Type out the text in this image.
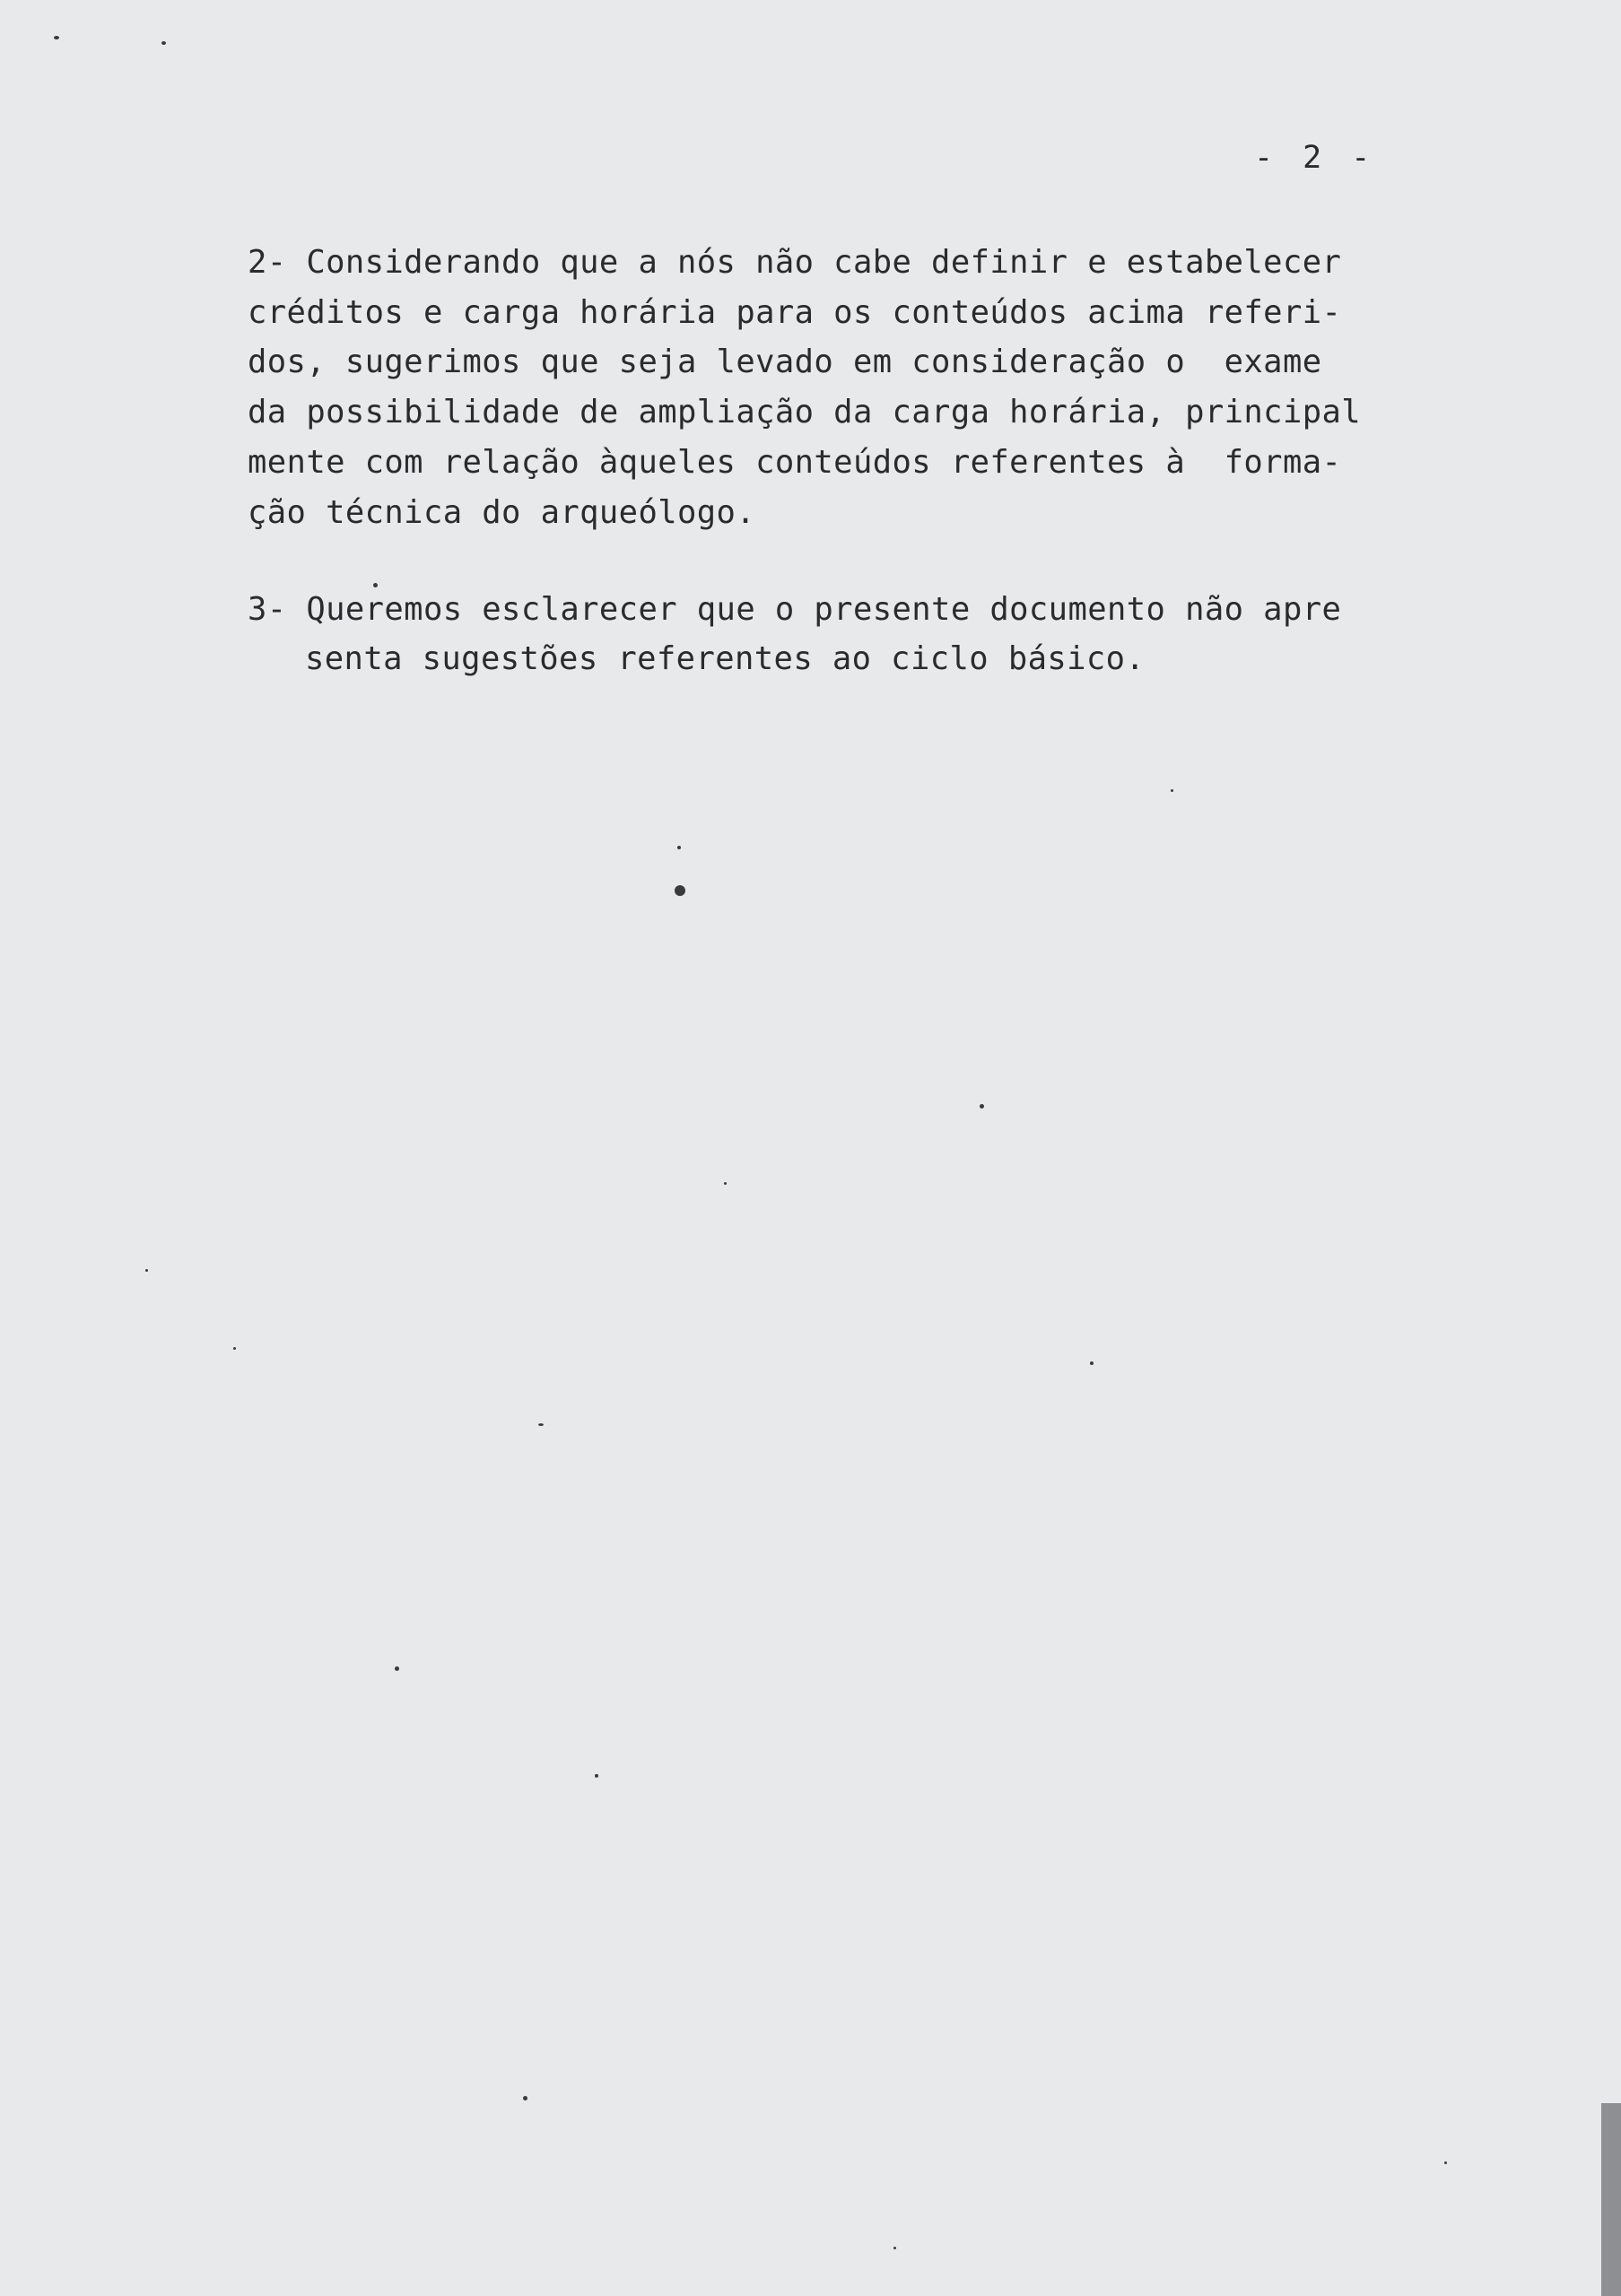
- 2 -
2- Considerando que a nós não cabe definir e estabelecer
créditos e carga horária para os conteúdos acima referi-
dos, sugerimos que seja levado em consideração o  exame
da possibilidade de ampliação da carga horária, principal
mente com relação àqueles conteúdos referentes à  forma-
ção técnica do arqueólogo.
3- Queremos esclarecer que o presente documento não apre
senta sugestões referentes ao ciclo básico.
